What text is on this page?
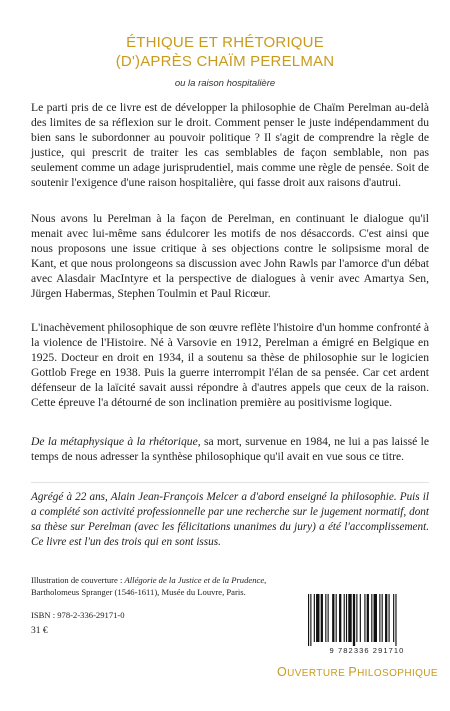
ÉTHIQUE ET RHÉTORIQUE
(D')APRÈS CHAÏM PERELMAN
ou la raison hospitalière

Le parti pris de ce livre est de développer la philosophie de Chaïm Perelman au-delà des limites de sa réflexion sur le droit. Comment penser le juste indépendamment du bien sans le subordonner au pouvoir politique ? Il s'agit de comprendre la règle de justice, qui prescrit de traiter les cas semblables de façon semblable, non pas seulement comme un adage jurisprudentiel, mais comme une règle de pensée. Soit de soutenir l'exigence d'une raison hospitalière, qui fasse droit aux raisons d'autrui.

Nous avons lu Perelman à la façon de Perelman, en continuant le dialogue qu'il menait avec lui-même sans édulcorer les motifs de nos désaccords. C'est ainsi que nous proposons une issue critique à ses objections contre le solipsisme moral de Kant, et que nous prolongeons sa discussion avec John Rawls par l'amorce d'un débat avec Alasdair MacIntyre et la perspective de dialogues à venir avec Amartya Sen, Jürgen Habermas, Stephen Toulmin et Paul Ricœur.

L'inachèvement philosophique de son œuvre reflète l'histoire d'un homme confronté à la violence de l'Histoire. Né à Varsovie en 1912, Perelman a émigré en Belgique en 1925. Docteur en droit en 1934, il a soutenu sa thèse de philosophie sur le logicien Gottlob Frege en 1938. Puis la guerre interrompit l'élan de sa pensée. Car cet ardent défenseur de la laïcité savait aussi répondre à d'autres appels que ceux de la raison. Cette épreuve l'a détourné de son inclination première au positivisme logique.

De la métaphysique à la rhétorique, sa mort, survenue en 1984, ne lui a pas laissé le temps de nous adresser la synthèse philosophique qu'il avait en vue sous ce titre.

Agrégé à 22 ans, Alain Jean-François Melcer a d'abord enseigné la philosophie. Puis il a complété son activité professionnelle par une recherche sur le jugement normatif, dont sa thèse sur Perelman (avec les félicitations unanimes du jury) a été l'accomplissement. Ce livre est l'un des trois qui en sont issus.
Illustration de couverture : Allégorie de la Justice et de la Prudence,
Bartholomeus Spranger (1546-1611), Musée du Louvre, Paris.
ISBN : 978-2-336-29171-0
31 €
9 782336 291710
OUVERTURE PHILOSOPHIQUE
